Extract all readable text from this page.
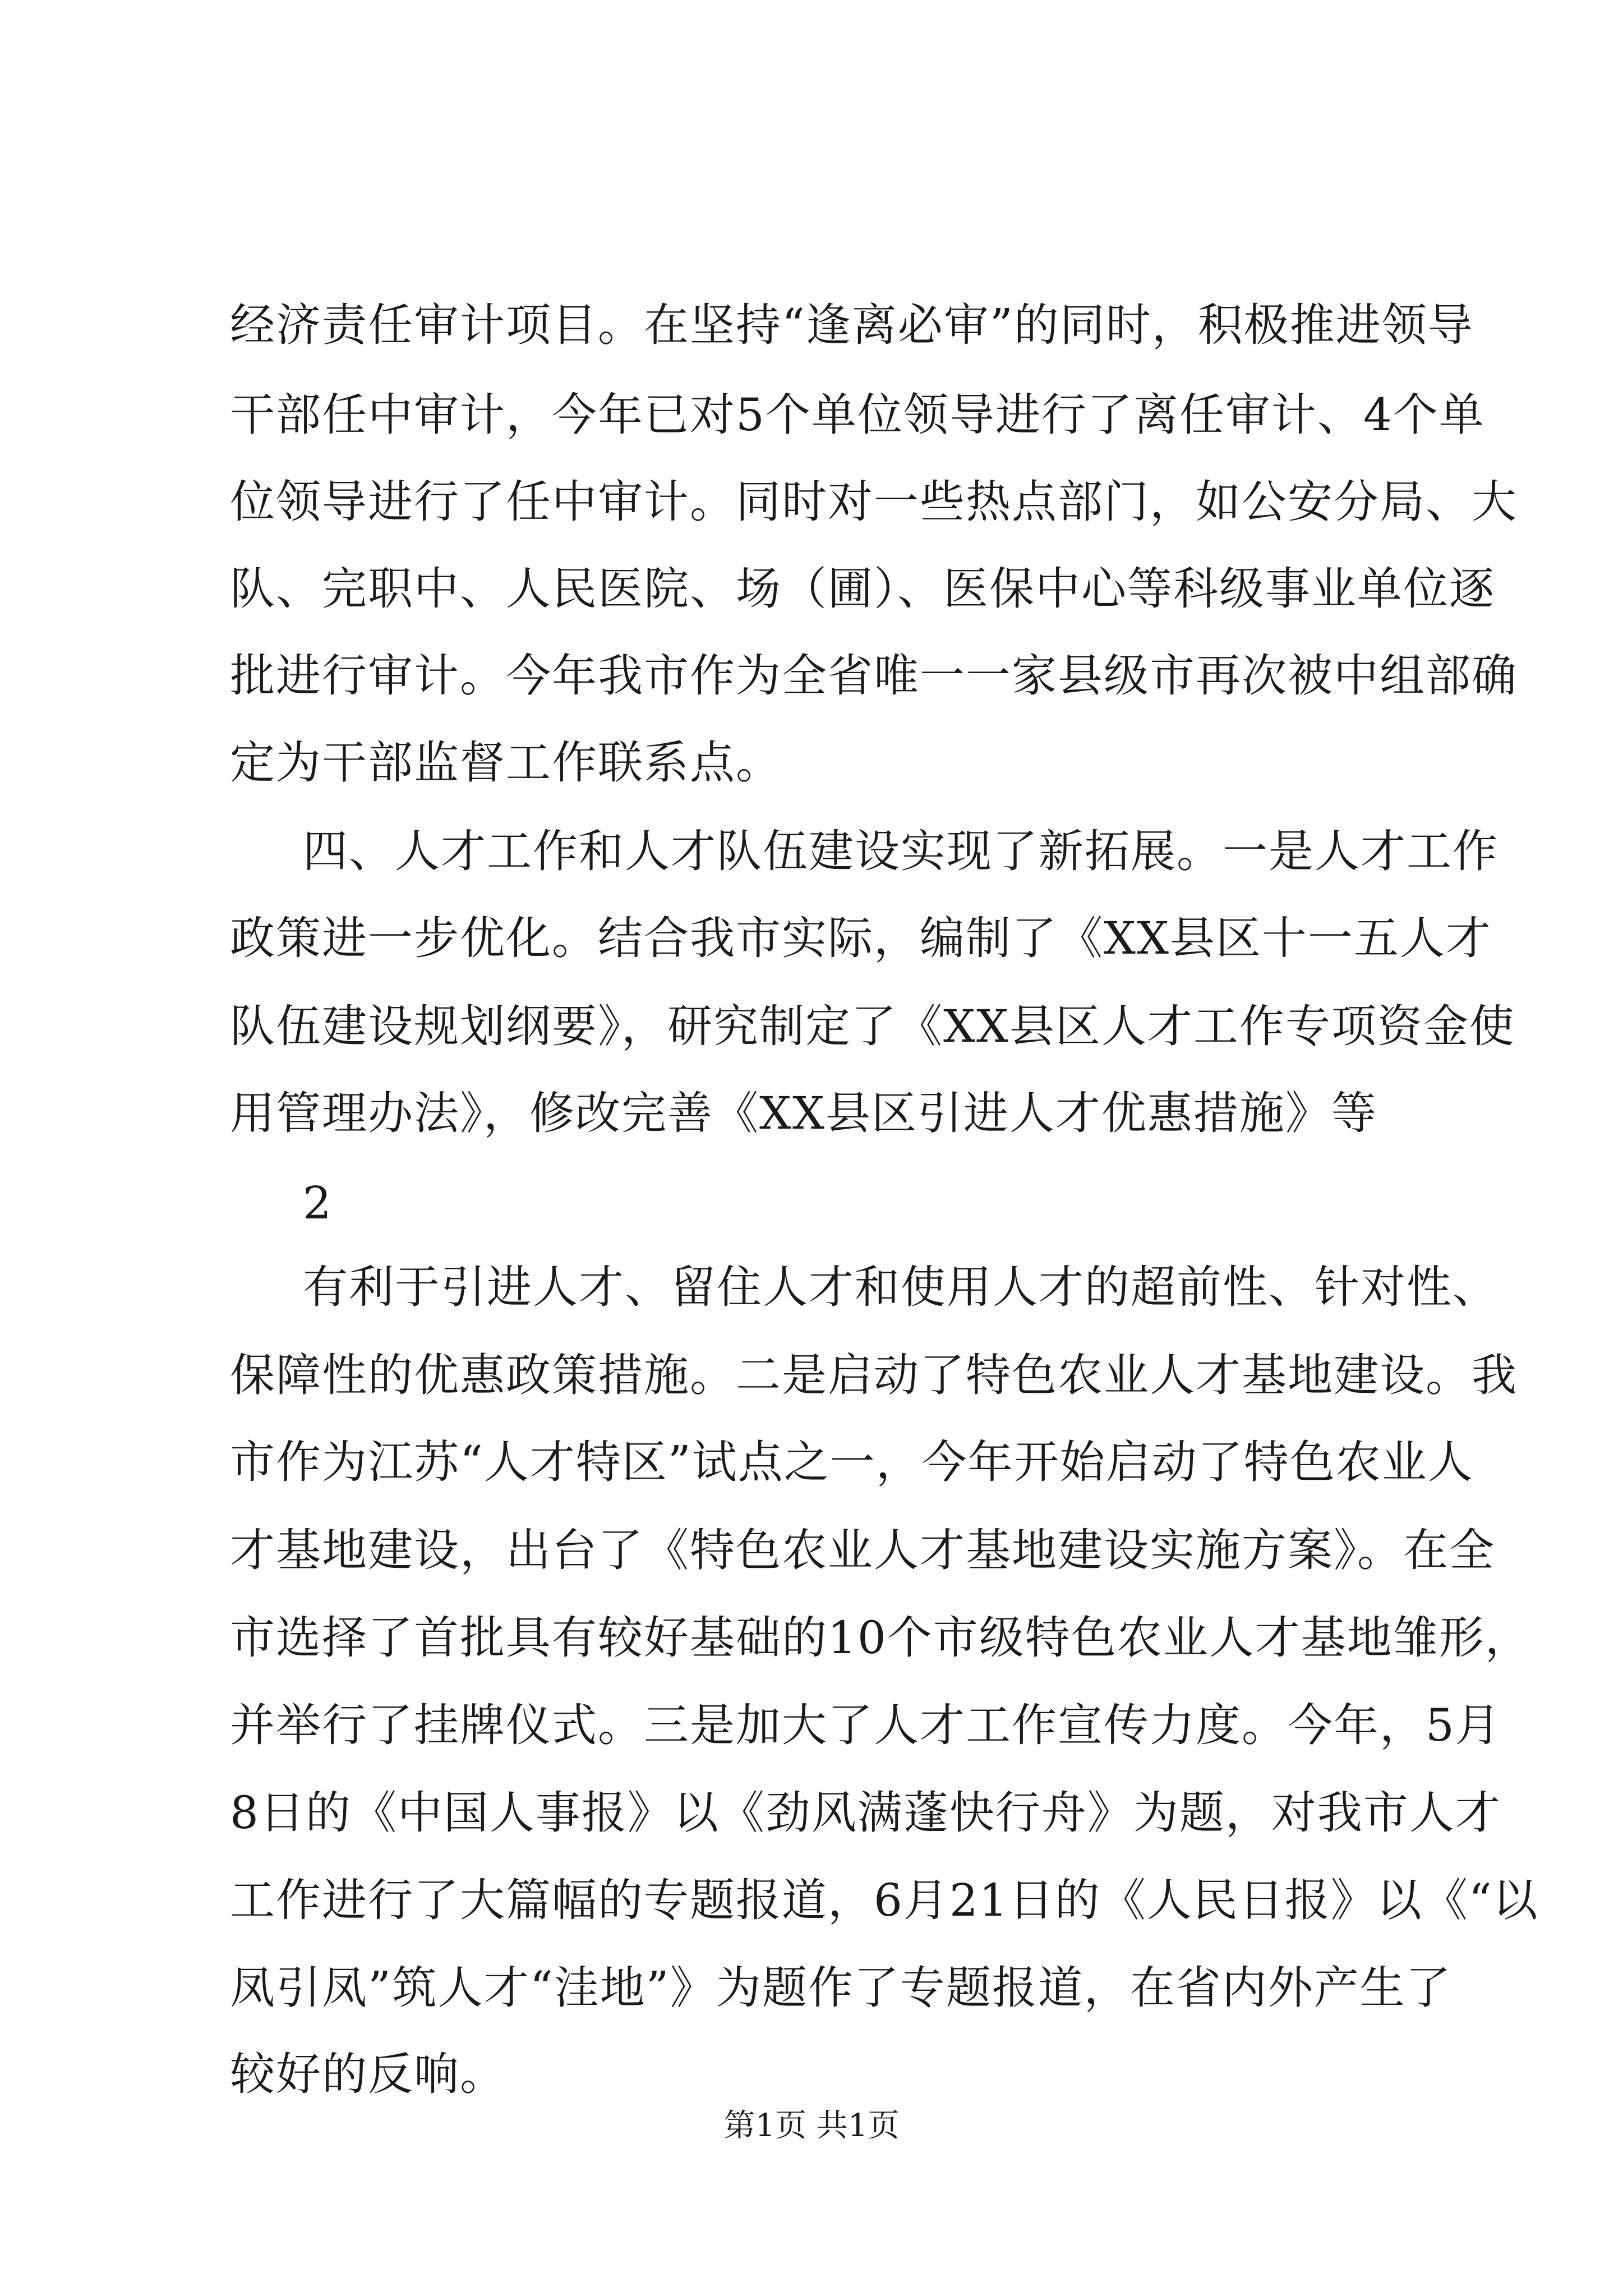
经济责任审计项目。在坚持“逢离必审”的同时，积极推进领导
干部任中审计，今年已对5个单位领导进行了离任审计、4个单
位领导进行了任中审计。同时对一些热点部门，如公安分局、大
队、完职中、人民医院、场（圃）、医保中心等科级事业单位逐
批进行审计。今年我市作为全省唯一一家县级市再次被中组部确
定为干部监督工作联系点。
四、人才工作和人才队伍建设实现了新拓展。一是人才工作
政策进一步优化。结合我市实际，编制了《XX县区十一五人才
队伍建设规划纲要》，研究制定了《XX县区人才工作专项资金使
用管理办法》，修改完善《XX县区引进人才优惠措施》等
2
有利于引进人才、留住人才和使用人才的超前性、针对性、
保障性的优惠政策措施。二是启动了特色农业人才基地建设。我
市作为江苏“人才特区”试点之一，今年开始启动了特色农业人
才基地建设，出台了《特色农业人才基地建设实施方案》。在全
市选择了首批具有较好基础的10个市级特色农业人才基地雏形，
并举行了挂牌仪式。三是加大了人才工作宣传力度。今年，5月
8日的《中国人事报》以《劲风满蓬快行舟》为题，对我市人才
工作进行了大篇幅的专题报道，6月21日的《人民日报》以《“以
凤引凤”筑人才“洼地”》为题作了专题报道，在省内外产生了
较好的反响。
第1页 共1页
